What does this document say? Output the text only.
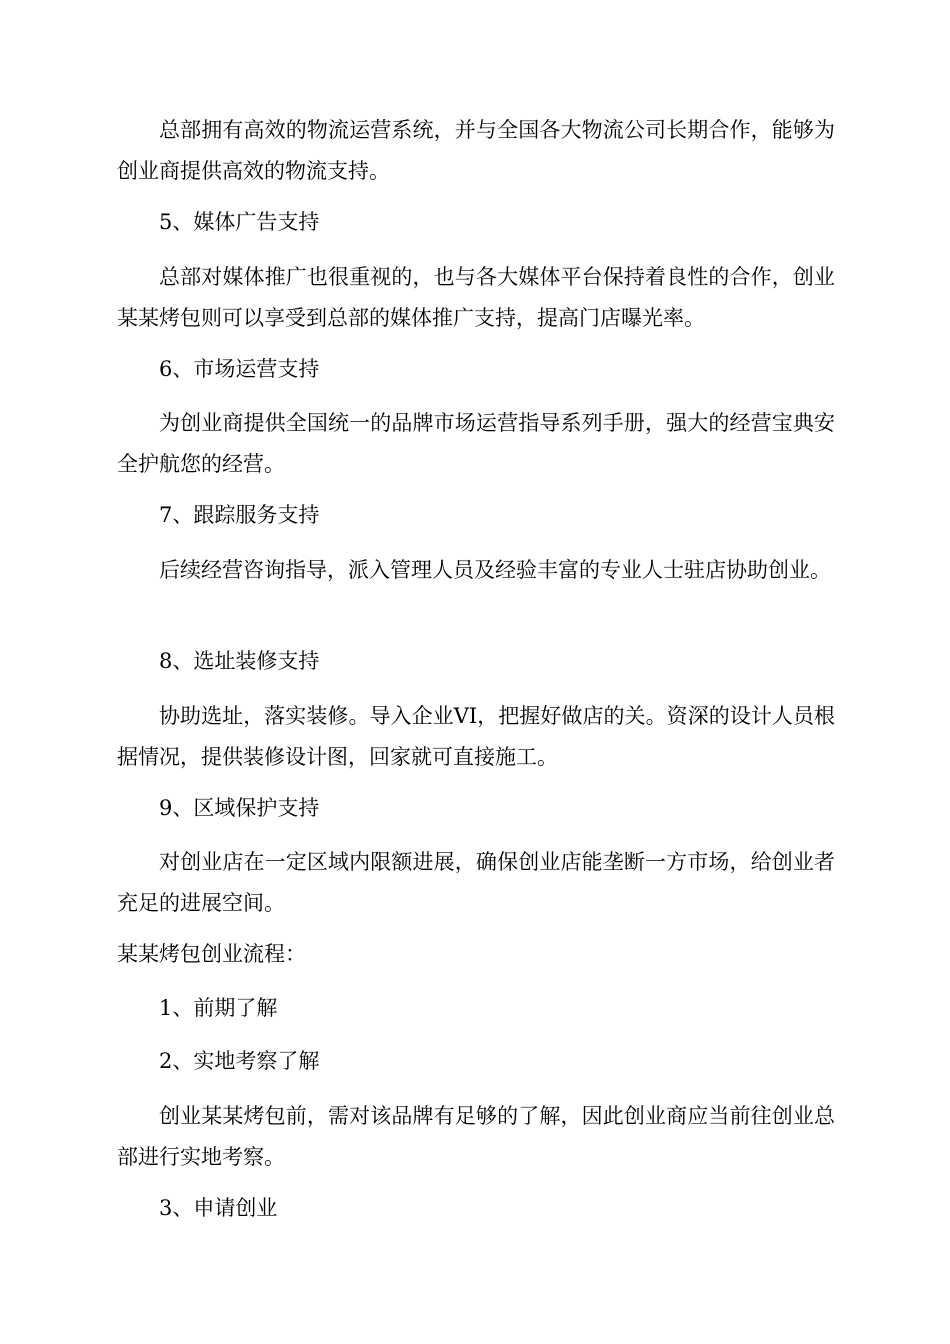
总部拥有高效的物流运营系统，并与全国各大物流公司长期合作，能够为创业商提供高效的物流支持。

5、媒体广告支持

总部对媒体推广也很重视的，也与各大媒体平台保持着良性的合作，创业某某烤包则可以享受到总部的媒体推广支持，提高门店曝光率。

6、市场运营支持

为创业商提供全国统一的品牌市场运营指导系列手册，强大的经营宝典安全护航您的经营。

7、跟踪服务支持

后续经营咨询指导，派入管理人员及经验丰富的专业人士驻店协助创业。

8、选址装修支持

协助选址，落实装修。导入企业VI，把握好做店的关。资深的设计人员根据情况，提供装修设计图，回家就可直接施工。

9、区域保护支持

对创业店在一定区域内限额进展，确保创业店能垄断一方市场，给创业者充足的进展空间。

某某烤包创业流程：

1、前期了解

2、实地考察了解

创业某某烤包前，需对该品牌有足够的了解，因此创业商应当前往创业总部进行实地考察。

3、申请创业
